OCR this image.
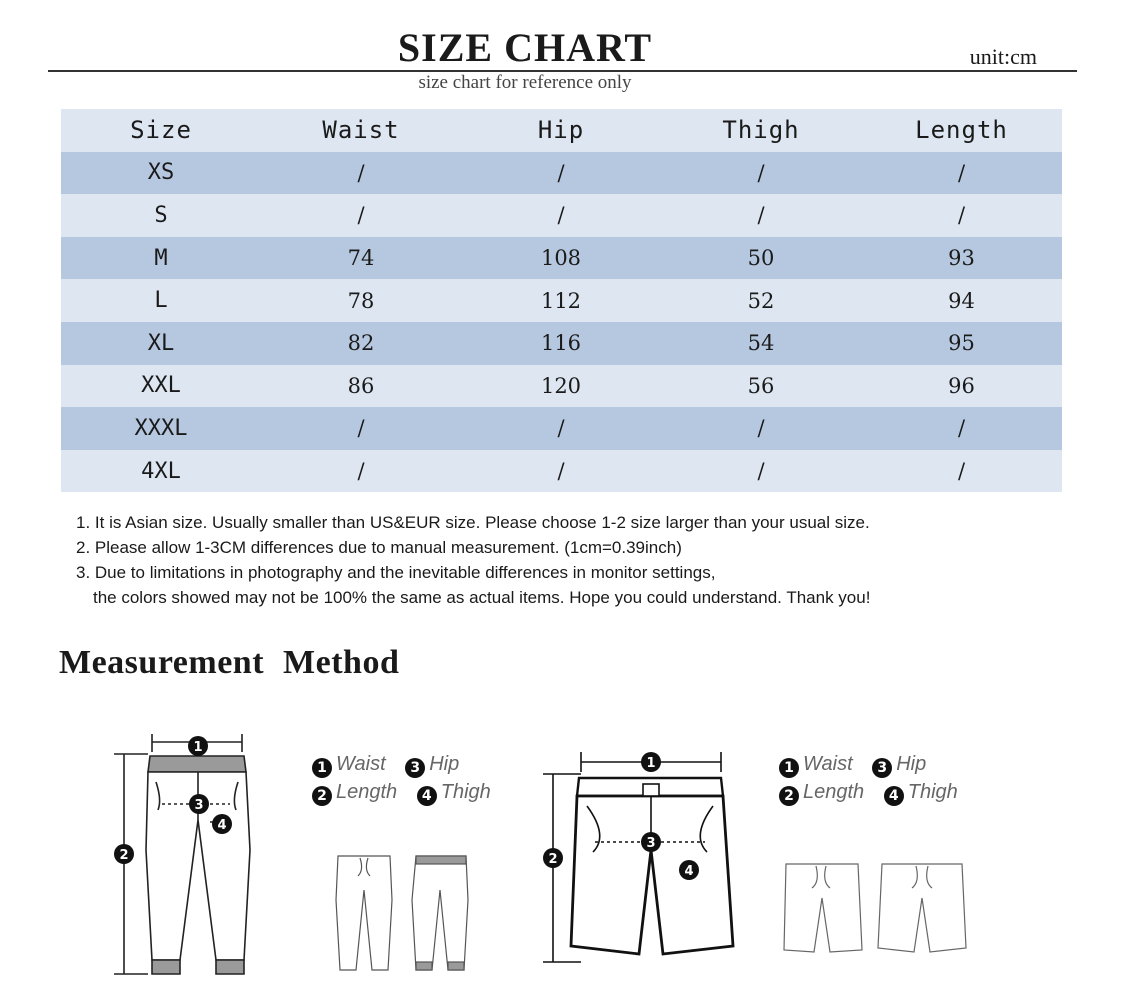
SIZE CHART	unit:cm
size chart for reference only
Size	Waist	Hip	Thigh	Length
XS	/	/	/	/
S	/	/	/	/
M	74	108	50	93
L	78	112	52	94
XL	82	116	54	95
XXL	86	120	56	96
XXXL	/	/	/	/
4XL	/	/	/	/
1. It is Asian size. Usually smaller than US&EUR size. Please choose 1-2 size larger than your usual size.
2. Please allow 1-3CM differences due to manual measurement. (1cm=0.39inch)
3. Due to limitations in photography and the inevitable differences in monitor settings,
the colors showed may not be 100% the same as actual items. Hope you could understand. Thank you!
Measurement Method
1 Waist 3 Hip
2 Length 4 Thigh
1 Waist 3 Hip
2 Length 4 Thigh
1
2
3
4
1
2
3
4
